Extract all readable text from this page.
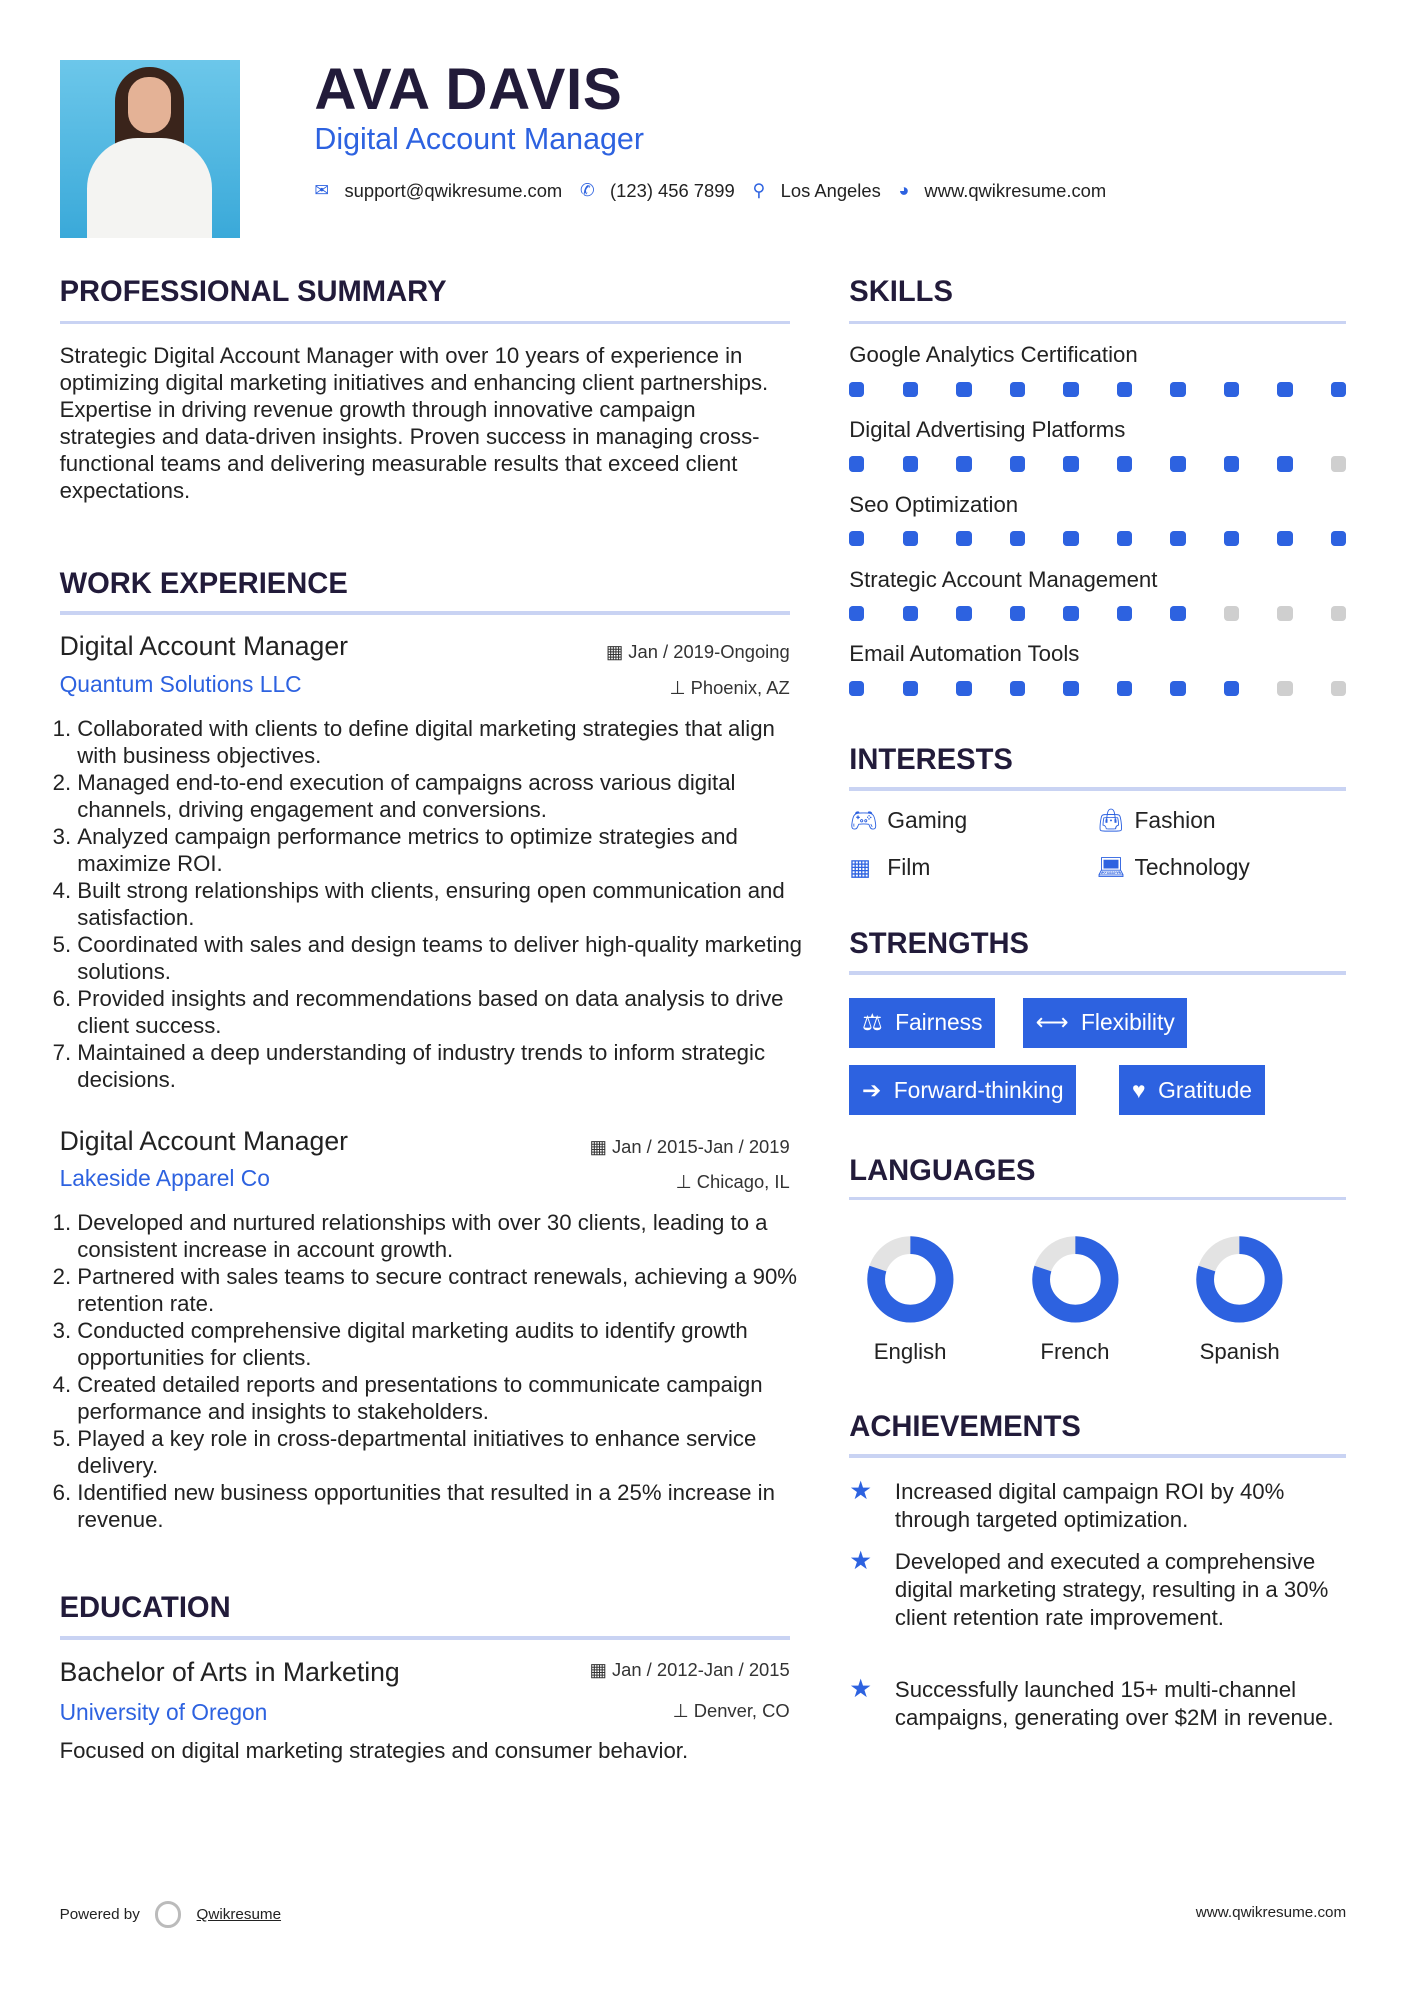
AVA DAVIS
Digital Account Manager
✉ support@qwikresume.com ✆ (123) 456 7899 ⚲ Los Angeles ◕ www.qwikresume.com
PROFESSIONAL SUMMARY
Strategic Digital Account Manager with over 10 years of experience in optimizing digital marketing initiatives and enhancing client partnerships. Expertise in driving revenue growth through innovative campaign strategies and data-driven insights. Proven success in managing cross-functional teams and delivering measurable results that exceed client expectations.
WORK EXPERIENCE
EDUCATION
Bachelor of Arts in Marketing
University of Oregon
▦ Jan / 2012-Jan / 2015
⊥ Denver, CO
Focused on digital marketing strategies and consumer behavior.
SKILLS
INTERESTS
🎮︎ Gaming	👜︎ Fashion
▦ Film	💻︎ Technology
STRENGTHS
⚖ Fairness	⟷ Flexibility
➔ Forward-thinking	♥ Gratitude
LANGUAGES
ACHIEVEMENTS
★	Increased digital campaign ROI by 40% through targeted optimization.
★	Developed and executed a comprehensive digital marketing strategy, resulting in a 30% client retention rate improvement.
★	Successfully launched 15+ multi-channel campaigns, generating over $2M in revenue.
Powered by	Qwikresume	www.qwikresume.com
Digital Account Manager
Quantum Solutions LLC
▦ Jan / 2019-Ongoing
⊥ Phoenix, AZ
1. Collaborated with clients to define digital marketing strategies that align with business objectives.
2. Managed end-to-end execution of campaigns across various digital channels, driving engagement and conversions.
3. Analyzed campaign performance metrics to optimize strategies and maximize ROI.
4. Built strong relationships with clients, ensuring open communication and satisfaction.
5. Coordinated with sales and design teams to deliver high-quality marketing solutions.
6. Provided insights and recommendations based on data analysis to drive client success.
7. Maintained a deep understanding of industry trends to inform strategic decisions.
Digital Account Manager
Lakeside Apparel Co
▦ Jan / 2015-Jan / 2019
⊥ Chicago, IL
1. Developed and nurtured relationships with over 30 clients, leading to a consistent increase in account growth.
2. Partnered with sales teams to secure contract renewals, achieving a 90% retention rate.
3. Conducted comprehensive digital marketing audits to identify growth opportunities for clients.
4. Created detailed reports and presentations to communicate campaign performance and insights to stakeholders.
5. Played a key role in cross-departmental initiatives to enhance service delivery.
6. Identified new business opportunities that resulted in a 25% increase in revenue.
Google Analytics Certification
Digital Advertising Platforms
Seo Optimization
Strategic Account Management
Email Automation Tools
English	French	Spanish
